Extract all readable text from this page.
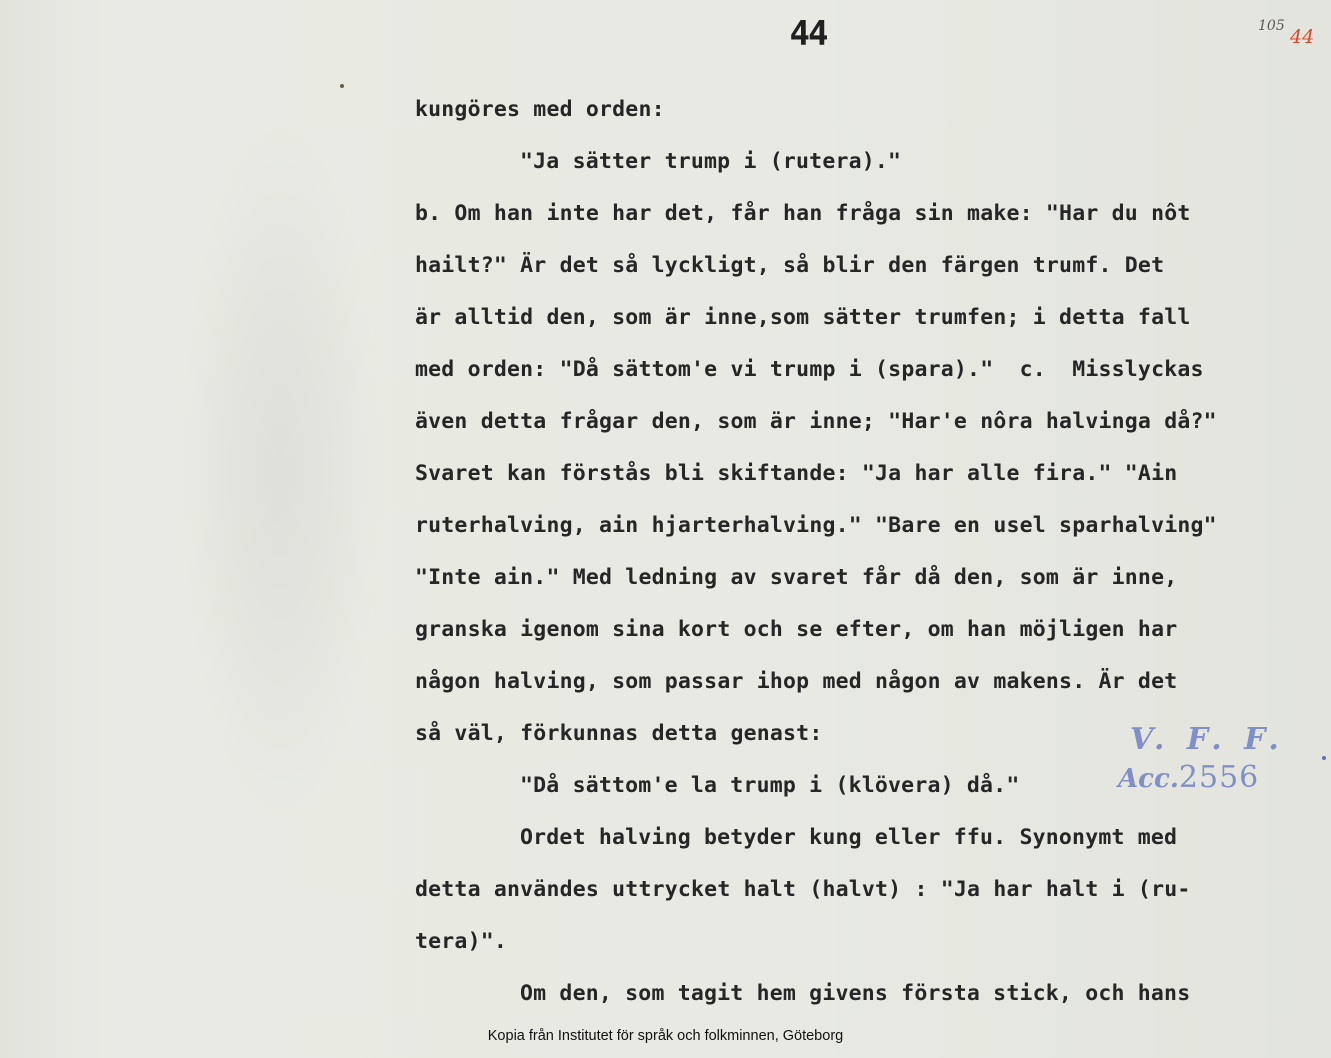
44	105 44
kungöres med orden:
"Ja sätter trump i (rutera)."
b. Om han inte har det, får han fråga sin make: "Har du nôt
hailt?" Är det så lyckligt, så blir den färgen trumf. Det
är alltid den, som är inne,som sätter trumfen; i detta fall
med orden: "Då sättom'e vi trump i (spara)."  c.  Misslyckas
även detta frågar den, som är inne; "Har'e nôra halvinga då?"
Svaret kan förstås bli skiftande: "Ja har alle fira." "Ain
ruterhalving, ain hjarterhalving." "Bare en usel sparhalving"
"Inte ain." Med ledning av svaret får då den, som är inne,
granska igenom sina kort och se efter, om han möjligen har
någon halving, som passar ihop med någon av makens. Är det
så väl, förkunnas detta genast:
"Då sättom'e la trump i (klövera) då."
Ordet halving betyder kung eller ffu. Synonymt med
detta användes uttrycket halt (halvt) : "Ja har halt i (ru-
tera)".
Om den, som tagit hem givens första stick, och hans
V. F. F.
Acc.2556
Kopia från Institutet för språk och folkminnen, Göteborg
